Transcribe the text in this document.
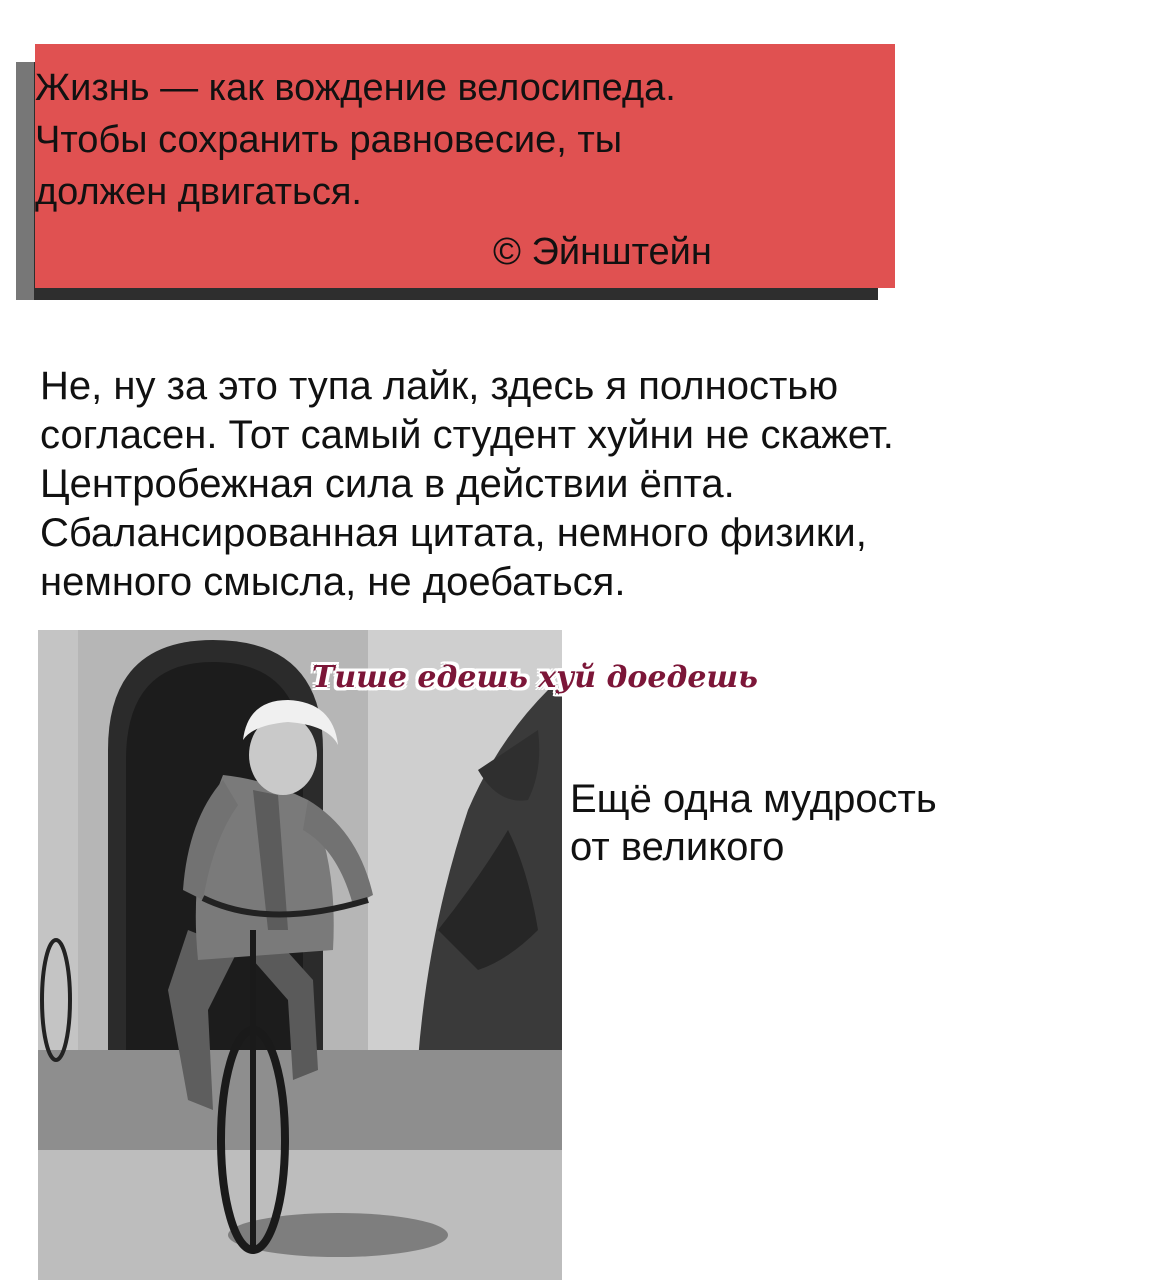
Жизнь — как вождение велосипеда.
Чтобы сохранить равновесие, ты
должен двигаться.

© Эйнштейн

Не, ну за это тупа лайк, здесь я полностью
согласен. Тот самый студент хуйни не скажет.
Центробежная сила в действии ёпта.
Сбалансированная цитата, немного физики,
немного смысла, не доебаться.

Тише едешь хуй доедешь

Ещё одна мудрость
от великого
